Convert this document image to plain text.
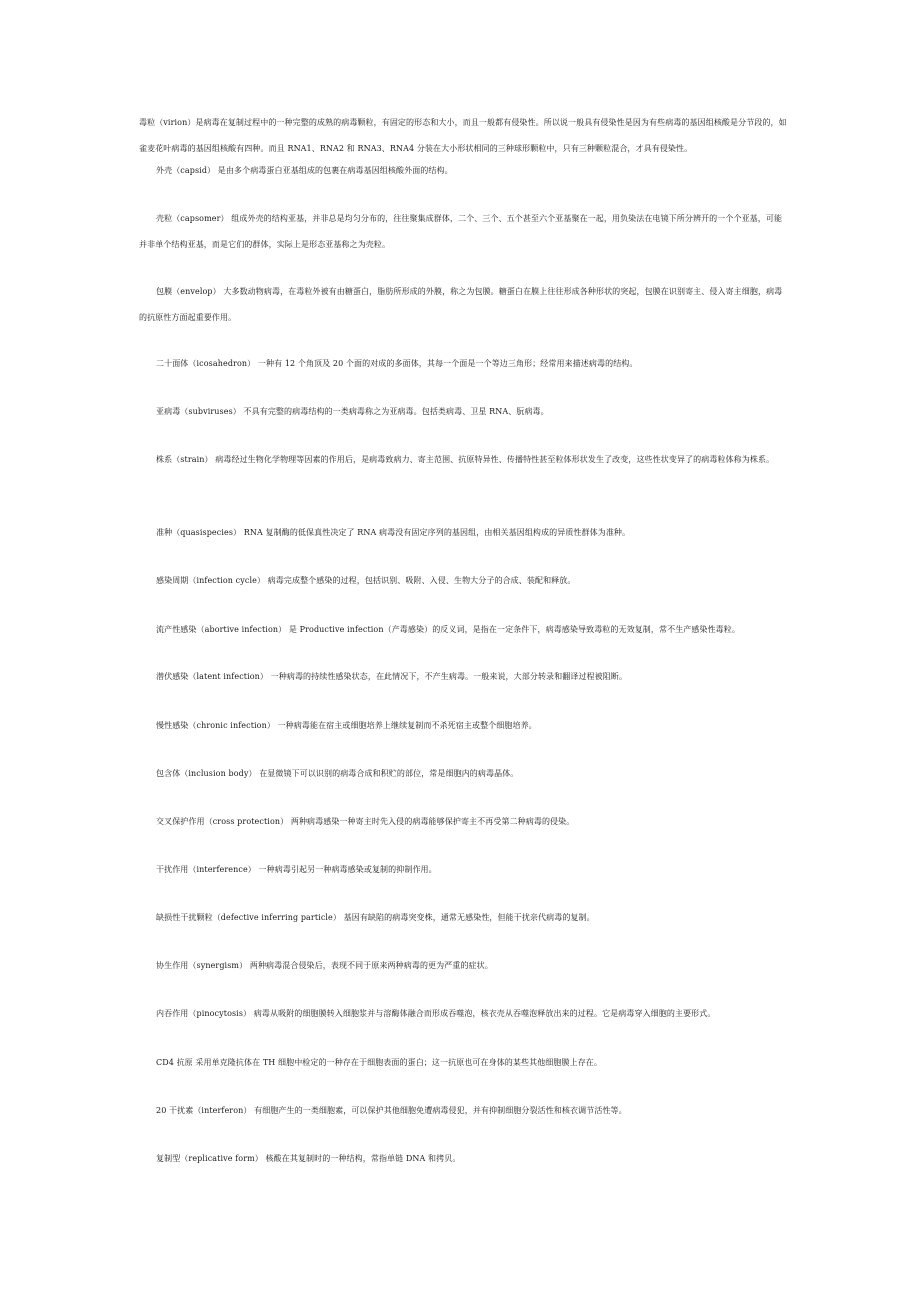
毒粒（virion）是病毒在复制过程中的一种完整的成熟的病毒颗粒，有固定的形态和大小，而且一般都有侵染性。所以说一般具有侵染性是因为有些病毒的基因组核酸是分节段的，如雀麦花叶病毒的基因组核酸有四种。而且 RNA1、RNA2 和 RNA3、RNA4 分装在大小形状相同的三种球形颗粒中，只有三种颗粒混合，才具有侵染性。

外壳（capsid） 是由多个病毒蛋白亚基组成的包裹在病毒基因组核酸外面的结构。

壳粒（capsomer） 组成外壳的结构亚基，并非总是均匀分布的，往往聚集成群体，二个、三个、五个甚至六个亚基聚在一起，用负染法在电镜下所分辨开的一个个亚基，可能并非单个结构亚基，而是它们的群体，实际上是形态亚基称之为壳粒。

包膜（envelop） 大多数动物病毒，在毒粒外被有由糖蛋白，脂肪所形成的外膜，称之为包膜。糖蛋白在膜上往往形成各种形状的突起，包膜在识别寄主、侵入寄主细胞，病毒的抗原性方面起重要作用。

二十面体（icosahedron） 一种有 12 个角顶及 20 个面的对成的多面体，其每一个面是一个等边三角形；经常用来描述病毒的结构。

亚病毒（subviruses） 不具有完整的病毒结构的一类病毒称之为亚病毒。包括类病毒、卫星 RNA、朊病毒。

株系（strain） 病毒经过生物化学物理等因素的作用后，是病毒致病力、寄主范围、抗原特异性、传播特性甚至粒体形状发生了改变，这些性状变异了的病毒粒体称为株系。

准种（quasispecies） RNA 复制酶的低保真性决定了 RNA 病毒没有固定序列的基因组，由相关基因组构成的异质性群体为准种。

感染周期（infection cycle） 病毒完成整个感染的过程，包括识别、吸附、入侵、生物大分子的合成、装配和释放。

流产性感染（abortive infection） 是 Productive infection（产毒感染）的反义词，是指在一定条件下，病毒感染导致毒粒的无效复制，常不生产感染性毒粒。

潜伏感染（latent infection） 一种病毒的持续性感染状态，在此情况下，不产生病毒。一般来说，大部分转录和翻译过程被阻断。

慢性感染（chronic infection） 一种病毒能在宿主或细胞培养上继续复制而不杀死宿主或整个细胞培养。

包含体（inclusion body） 在显微镜下可以识别的病毒合成和积贮的部位，常是细胞内的病毒晶体。

交叉保护作用（cross protection） 两种病毒感染一种寄主时先入侵的病毒能够保护寄主不再受第二种病毒的侵染。

干扰作用（interference） 一种病毒引起另一种病毒感染或复制的抑制作用。

缺损性干扰颗粒（defective inferring particle） 基因有缺陷的病毒突变株，通常无感染性，但能干扰亲代病毒的复制。

协生作用（synergism） 两种病毒混合侵染后，表现不同于原来两种病毒的更为严重的症状。

内吞作用（pinocytosis） 病毒从吸附的细胞膜转入细胞浆并与溶酶体融合而形成吞噬泡，核衣壳从吞噬泡释放出来的过程。它是病毒穿入细胞的主要形式。

CD4 抗原 采用单克隆抗体在 TH 细胞中检定的一种存在于细胞表面的蛋白；这一抗原也可在身体的某些其他细胞膜上存在。

20 干扰素（interferon） 有细胞产生的一类细胞素，可以保护其他细胞免遭病毒侵犯，并有抑制细胞分裂活性和核衣调节活性等。

复制型（replicative form） 核酸在其复制时的一种结构，常指单链 DNA 和拷贝。
